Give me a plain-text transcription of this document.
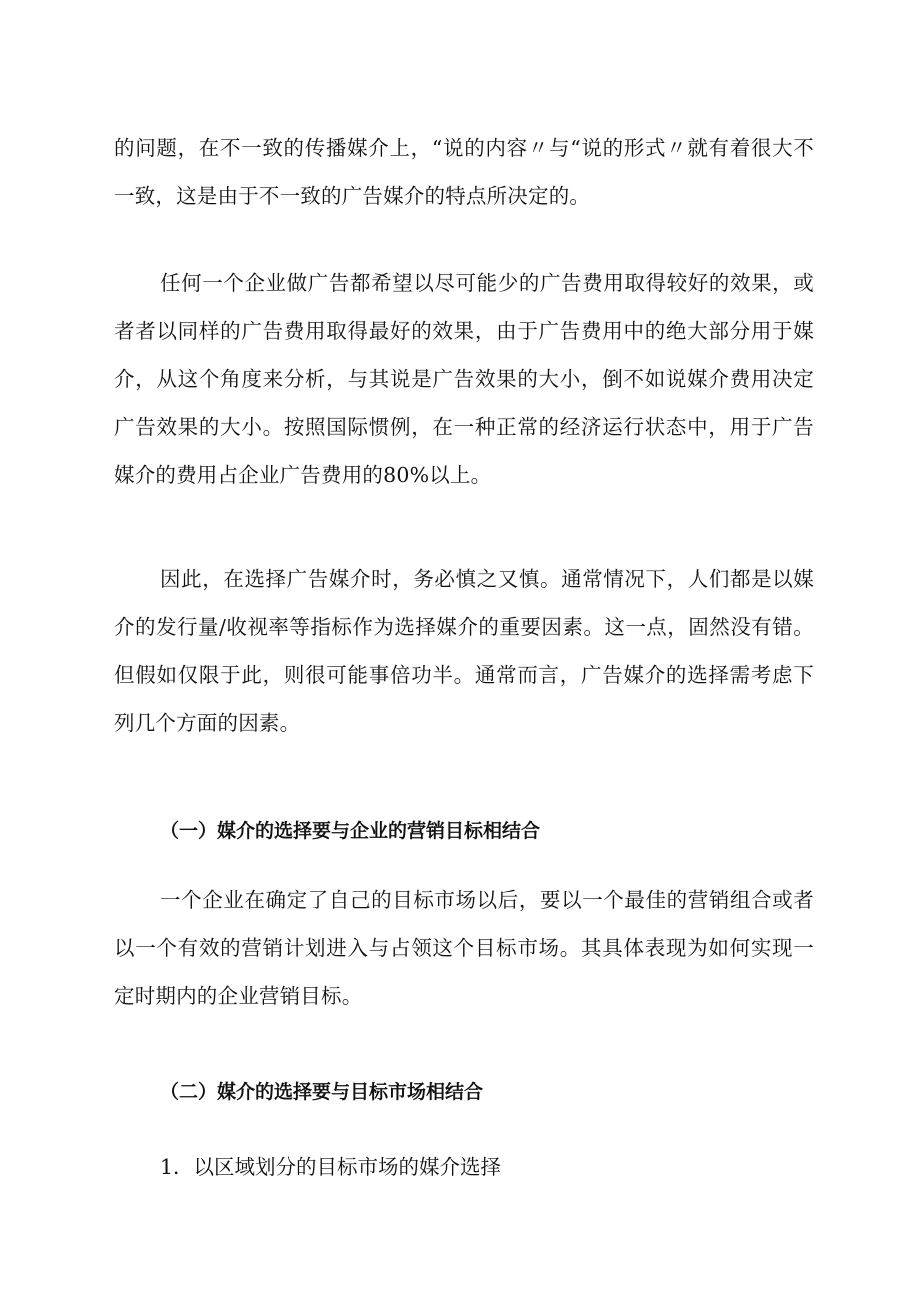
的问题，在不一致的传播媒介上，“说的内容〃与“说的形式〃就有着很大不一致，这是由于不一致的广告媒介的特点所决定的。

任何一个企业做广告都希望以尽可能少的广告费用取得较好的效果，或者者以同样的广告费用取得最好的效果，由于广告费用中的绝大部分用于媒介，从这个角度来分析，与其说是广告效果的大小，倒不如说媒介费用决定广告效果的大小。按照国际惯例，在一种正常的经济运行状态中，用于广告媒介的费用占企业广告费用的80%以上。

因此，在选择广告媒介时，务必慎之又慎。通常情况下，人们都是以媒介的发行量/收视率等指标作为选择媒介的重要因素。这一点，固然没有错。但假如仅限于此，则很可能事倍功半。通常而言，广告媒介的选择需考虑下列几个方面的因素。

（一）媒介的选择要与企业的营销目标相结合

一个企业在确定了自己的目标市场以后，要以一个最佳的营销组合或者以一个有效的营销计划进入与占领这个目标市场。其具体表现为如何实现一定时期内的企业营销目标。

（二）媒介的选择要与目标市场相结合

1．以区域划分的目标市场的媒介选择
